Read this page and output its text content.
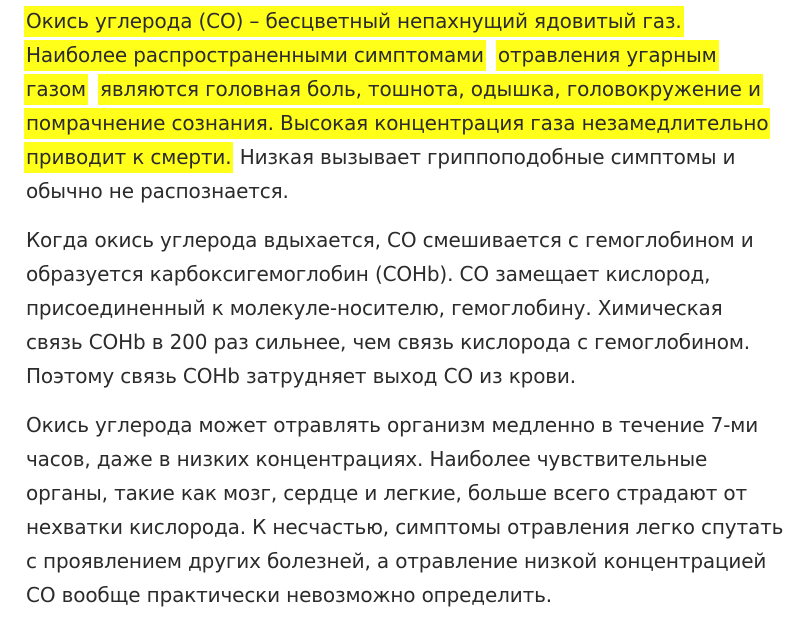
Окись углерода (СО) – бесцветный непахнущий ядовитый газ.
Наиболее распространенными симптомами отравления угарным
газом являются головная боль, тошнота, одышка, головокружение и
помрачнение сознания. Высокая концентрация газа незамедлительно
приводит к смерти. Низкая вызывает гриппоподобные симптомы и
обычно не распознается.

Когда окись углерода вдыхается, СО смешивается с гемоглобином и
образуется карбоксигемоглобин (COHb). СО замещает кислород,
присоединенный к молекуле-носителю, гемоглобину. Химическая
связь COHb в 200 раз сильнее, чем связь кислорода с гемоглобином.
Поэтому связь COHb затрудняет выход CO из крови.

Окись углерода может отравлять организм медленно в течение 7-ми
часов, даже в низких концентрациях. Наиболее чувствительные
органы, такие как мозг, сердце и легкие, больше всего страдают от
нехватки кислорода. К несчастью, симптомы отравления легко спутать
с проявлением других болезней, а отравление низкой концентрацией
СО вообще практически невозможно определить.
